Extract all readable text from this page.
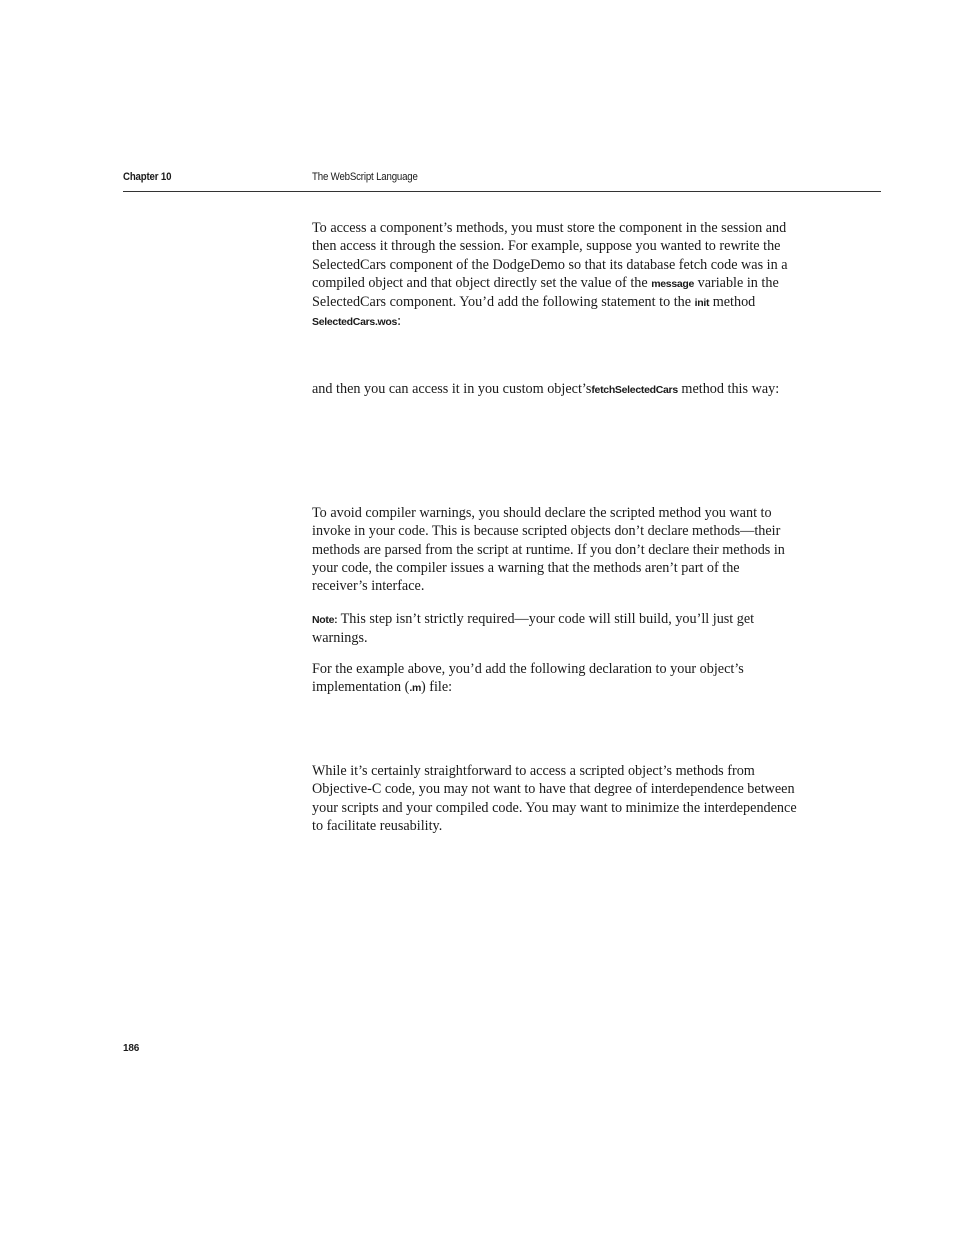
Chapter 10	The WebScript Language

To access a component’s methods, you must store the component in the session and then access it through the session. For example, suppose you wanted to rewrite the SelectedCars component of the DodgeDemo so that its database fetch code was in a compiled object and that object directly set the value of the message variable in the SelectedCars component. You’d add the following statement to the init method SelectedCars.wos:

and then you can access it in you custom object’sfetchSelectedCars method this way:

To avoid compiler warnings, you should declare the scripted method you want to invoke in your code. This is because scripted objects don’t declare methods—their methods are parsed from the script at runtime. If you don’t declare their methods in your code, the compiler issues a warning that the methods aren’t part of the receiver’s interface.

Note: This step isn’t strictly required—your code will still build, you’ll just get warnings.

For the example above, you’d add the following declaration to your object’s implementation (.m) file:

While it’s certainly straightforward to access a scripted object’s methods from Objective-C code, you may not want to have that degree of interdependence between your scripts and your compiled code. You may want to minimize the interdependence to facilitate reusability.

186
